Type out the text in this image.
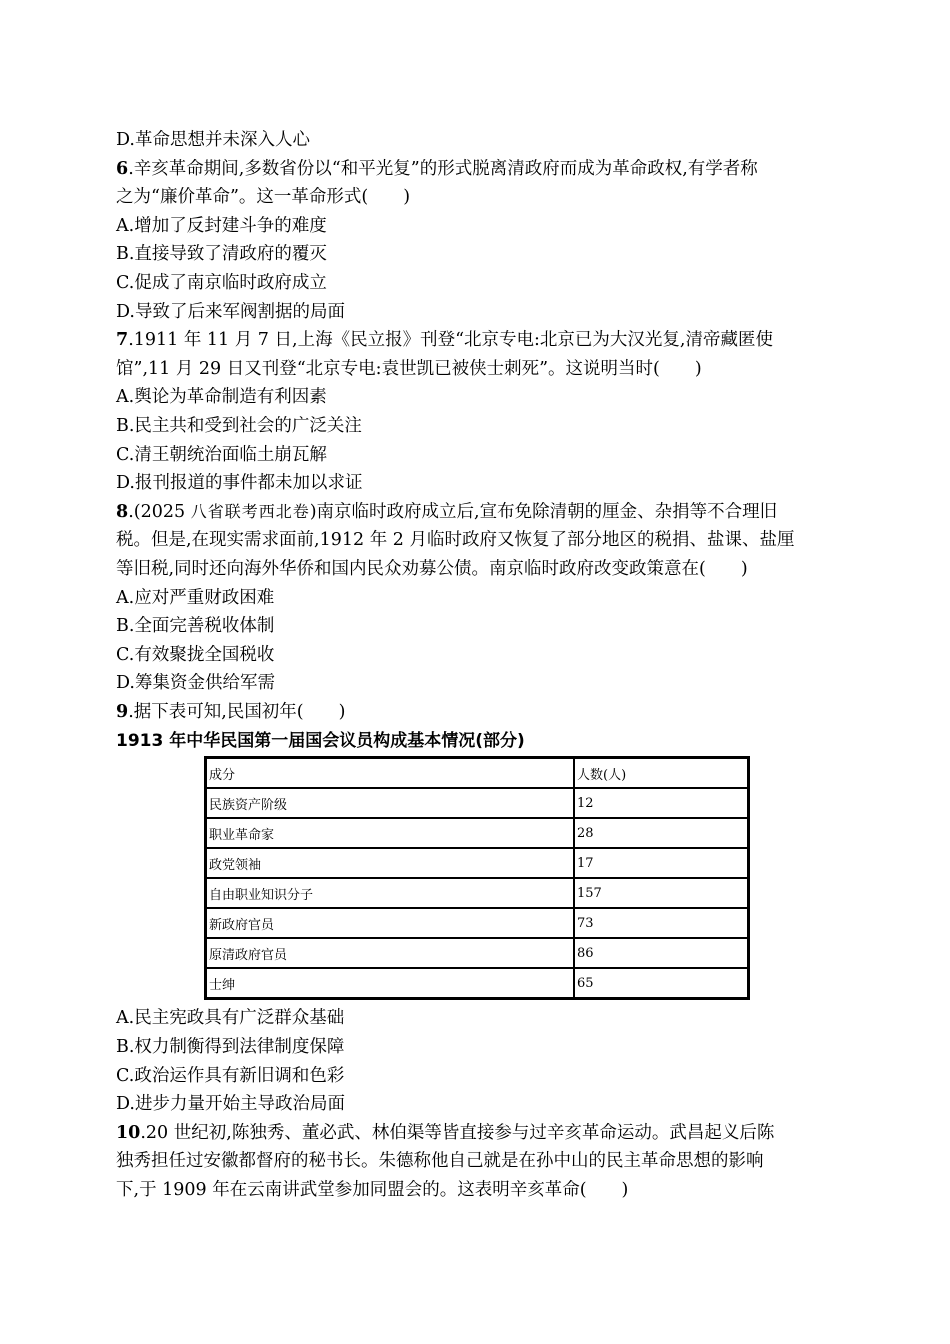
D.革命思想并未深入人心
6.辛亥革命期间,多数省份以“和平光复”的形式脱离清政府而成为革命政权,有学者称
之为“廉价革命”。这一革命形式(　　)
A.增加了反封建斗争的难度
B.直接导致了清政府的覆灭
C.促成了南京临时政府成立
D.导致了后来军阀割据的局面
7.1911 年 11 月 7 日,上海《民立报》刊登“北京专电:北京已为大汉光复,清帝藏匿使
馆”,11 月 29 日又刊登“北京专电:袁世凯已被侠士刺死”。这说明当时(　　)
A.舆论为革命制造有利因素
B.民主共和受到社会的广泛关注
C.清王朝统治面临土崩瓦解
D.报刊报道的事件都未加以求证
8.(2025 八省联考西北卷)南京临时政府成立后,宣布免除清朝的厘金、杂捐等不合理旧
税。但是,在现实需求面前,1912 年 2 月临时政府又恢复了部分地区的税捐、盐课、盐厘
等旧税,同时还向海外华侨和国内民众劝募公债。南京临时政府改变政策意在(　　)
A.应对严重财政困难
B.全面完善税收体制
C.有效聚拢全国税收
D.筹集资金供给军需
9.据下表可知,民国初年(　　)
1913 年中华民国第一届国会议员构成基本情况(部分)
成分	人数(人)
民族资产阶级	12
职业革命家	28
政党领袖	17
自由职业知识分子	157
新政府官员	73
原清政府官员	86
士绅	65
A.民主宪政具有广泛群众基础
B.权力制衡得到法律制度保障
C.政治运作具有新旧调和色彩
D.进步力量开始主导政治局面
10.20 世纪初,陈独秀、董必武、林伯渠等皆直接参与过辛亥革命运动。武昌起义后陈
独秀担任过安徽都督府的秘书长。朱德称他自己就是在孙中山的民主革命思想的影响
下,于 1909 年在云南讲武堂参加同盟会的。这表明辛亥革命(　　)
